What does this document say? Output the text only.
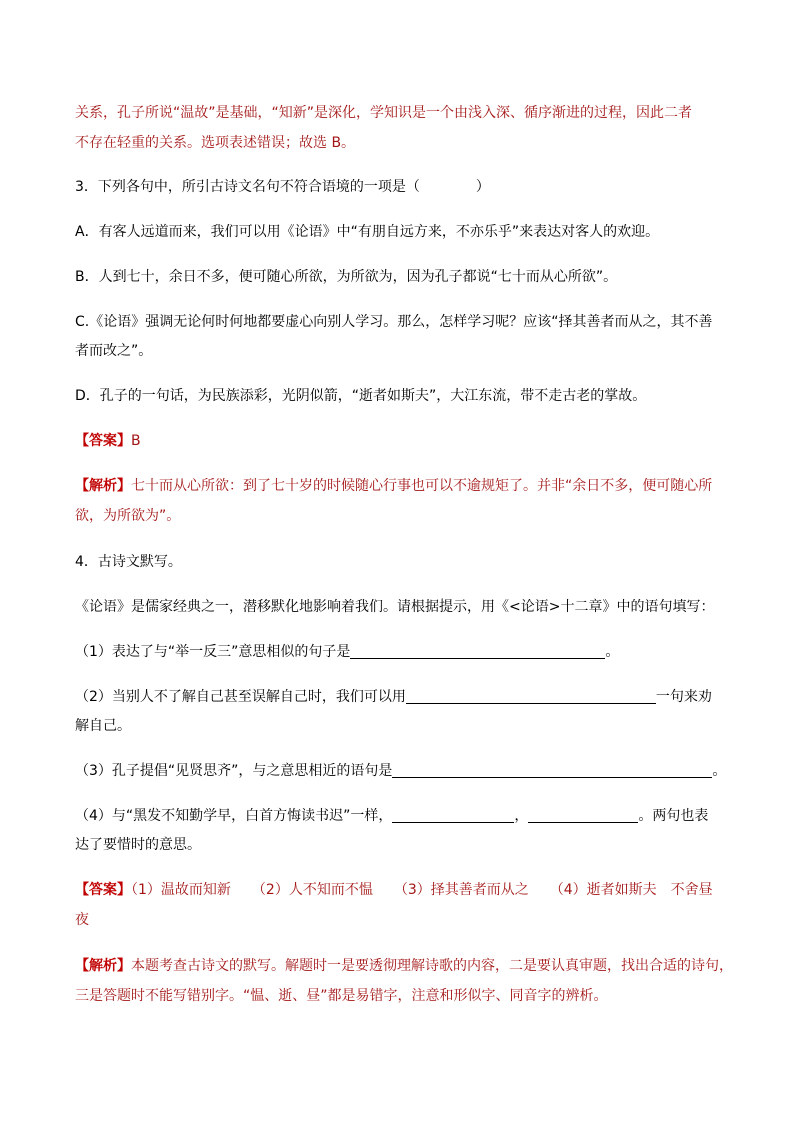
关系，孔子所说“温故”是基础，“知新”是深化，学知识是一个由浅入深、循序渐进的过程，因此二者
不存在轻重的关系。选项表述错误；故选 B。
3．下列各句中，所引古诗文名句不符合语境的一项是（	）
A．有客人远道而来，我们可以用《论语》中“有朋自远方来，不亦乐乎”来表达对客人的欢迎。
B．人到七十，余日不多，便可随心所欲，为所欲为，因为孔子都说“七十而从心所欲”。
C.《论语》强调无论何时何地都要虚心向别人学习。那么，怎样学习呢？应该“择其善者而从之，其不善
者而改之”。
D．孔子的一句话，为民族添彩，光阴似箭，“逝者如斯夫”，大江东流，带不走古老的掌故。
【答案】B
【解析】七十而从心所欲：到了七十岁的时候随心行事也可以不逾规矩了。并非“余日不多，便可随心所
欲，为所欲为”。
4．古诗文默写。
《论语》是儒家经典之一，潜移默化地影响着我们。请根据提示，用《<论语>十二章》中的语句填写：
（1）表达了与“举一反三”意思相似的句子是	。
（2）当别人不了解自己甚至误解自己时，我们可以用	一句来劝
解自己。
（3）孔子提倡“见贤思齐”，与之意思相近的语句是	。
（4）与“黑发不知勤学早，白首方悔读书迟”一样，	，	。两句也表
达了要惜时的意思。
【答案】（1）温故而知新　　（2）人不知而不愠　　（3）择其善者而从之　　（4）逝者如斯夫　不舍昼
夜
【解析】本题考查古诗文的默写。解题时一是要透彻理解诗歌的内容，二是要认真审题，找出合适的诗句，
三是答题时不能写错别字。“愠、逝、昼”都是易错字，注意和形似字、同音字的辨析。
